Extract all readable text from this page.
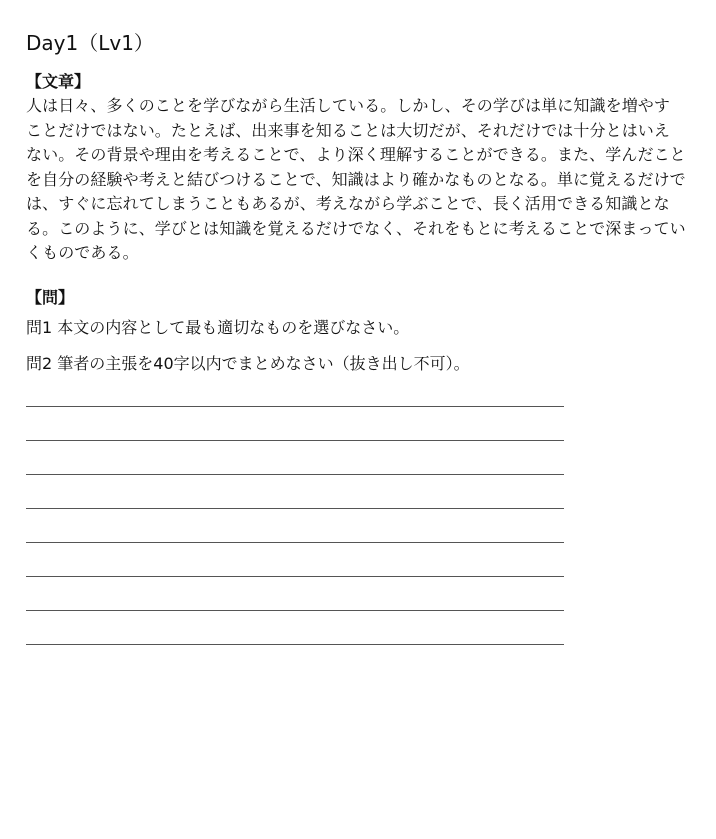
Day1（Lv1）

【文章】

人は日々、多くのことを学びながら生活している。しかし、その学びは単に知識を増やすことだけではない。たとえば、出来事を知ることは大切だが、それだけでは十分とはいえない。その背景や理由を考えることで、より深く理解することができる。また、学んだことを自分の経験や考えと結びつけることで、知識はより確かなものとなる。単に覚えるだけでは、すぐに忘れてしまうこともあるが、考えながら学ぶことで、長く活用できる知識となる。このように、学びとは知識を覚えるだけでなく、それをもとに考えることで深まっていくものである。

【問】

問1 本文の内容として最も適切なものを選びなさい。

問2 筆者の主張を40字以内でまとめなさい（抜き出し不可）。
